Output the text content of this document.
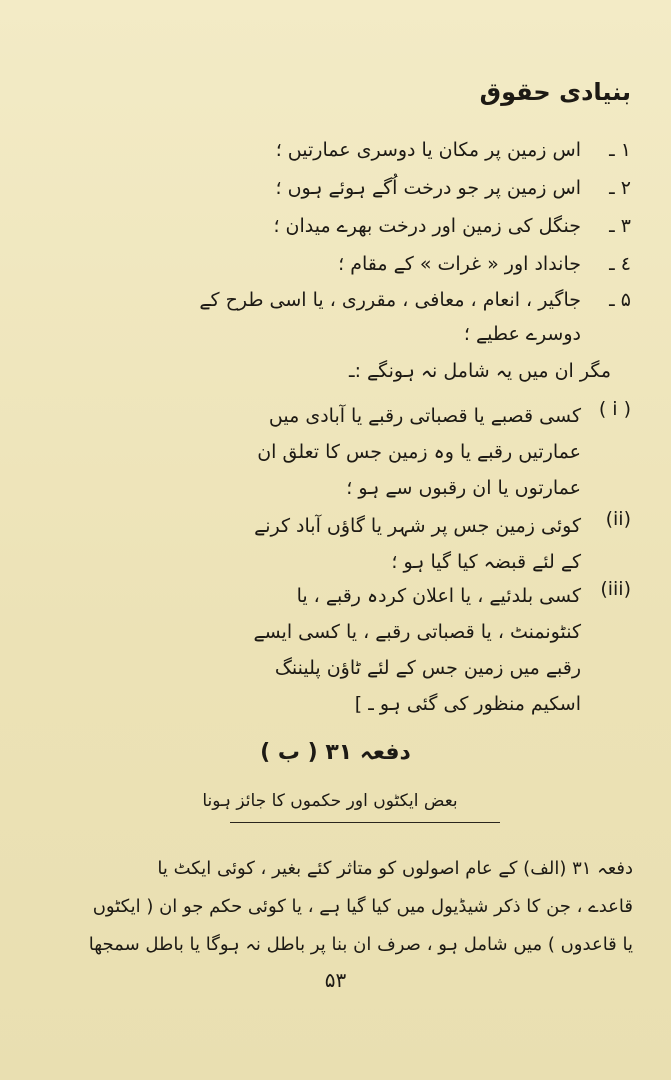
بنیادی حقوق
۱ ـ
اس زمین پر مکان یا دوسری عمارتیں ؛
۲ ـ
اس زمین پر جو درخت اُگے ہوئے ہوں ؛
۳ ـ
جنگل کی زمین اور درخت بھرے میدان ؛
٤ ـ
جانداد اور « غرات » کے مقام ؛
۵ ـ
جاگیر ، انعام ، معافی ، مقرری ، یا اسی طرح کے
دوسرے عطیے ؛
مگر ان میں یہ شامل نہ ہونگے :ـ
( i )
کسی قصبے یا قصباتی رقبے یا آبادی میں
عمارتیں رقبے یا وہ زمین جس کا تعلق ان
عمارتوں یا ان رقبوں سے ہو ؛
(ii)
کوئی زمین جس پر شہر یا گاؤں آباد کرنے
کے لئے قبضہ کیا گیا ہو ؛
(iii)
کسی بلدئیے ، یا اعلان کردہ رقبے ، یا
کنٹونمنٹ ، یا قصباتی رقبے ، یا کسی ایسے
رقبے میں زمین جس کے لئے ٹاؤن پلیننگ
اسکیم منظور کی گئی ہو ـ ]
دفعہ ۳۱ ( ب )
بعض ایکٹوں اور حکموں کا جائز ہونا
دفعہ ۳۱ (الف) کے عام اصولوں کو متاثر کئے بغیر ، کوئی ایکٹ یا
قاعدے ، جن کا ذکر شیڈیول میں کیا گیا ہے ، یا کوئی حکم جو ان ( ایکٹوں
یا قاعدوں ) میں شامل ہو ، صرف ان بنا پر باطل نہ ہوگا یا باطل سمجھا
۵۳
